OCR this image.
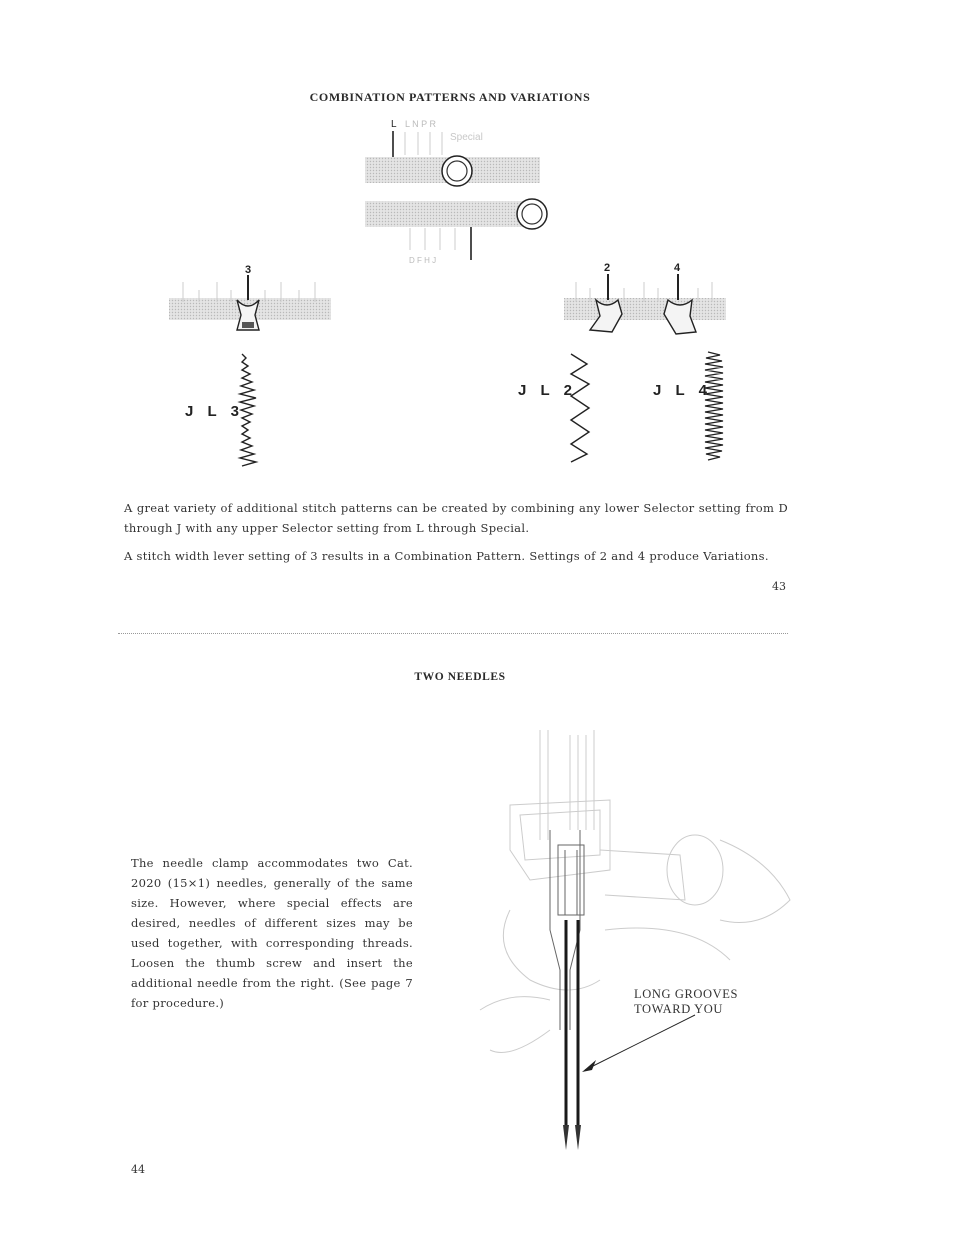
COMBINATION PATTERNS AND VARIATIONS
L L N P R
Special
D F H J
3	2	4
J L 3
J L 2	J L 4
A great variety of additional stitch patterns can be created by combining any lower Selector setting from D through J with any upper Selector setting from L through Special.
A stitch width lever setting of 3 results in a Combination Pattern. Settings of 2 and 4 produce Variations.
43
TWO NEEDLES
The needle clamp accommodates two Cat. 2020 (15×1) needles, generally of the same size. However, where special effects are desired, needles of different sizes may be used together, with corresponding threads. Loosen the thumb screw and insert the additional needle from the right. (See page 7 for procedure.)
LONG GROOVES
TOWARD YOU
44
